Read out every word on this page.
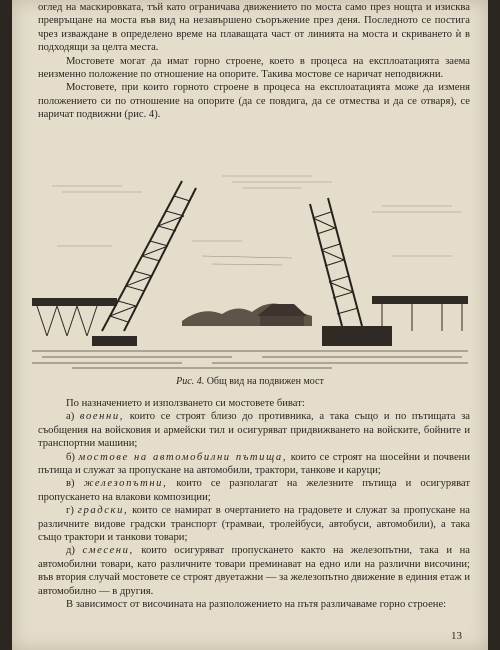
оглед на маскировката, тъй като ограничава движението по моста само през нощта и изисква превръщане на моста във вид на незавършено съоръжение през деня. Последното се постига чрез изваждане в определено време на плаващата част от линията на моста и скриването ѝ в подходящи за целта места.

Мостовете могат да имат горно строене, което в процеса на експлоатацията заема неизменно положение по отношение на опорите. Такива мостове се наричат неподвижни.

Мостовете, при които горното строене в процеса на експлоатацията може да изменя положението си по отношение на опорите (да се повдига, да се отмества и да се отваря), се наричат подвижни (рис. 4).

Рис. 4. Общ вид на подвижен мост

По назначението и използването си мостовете биват:

а) военни, които се строят близо до противника, а така също и по пътищата за съобщения на войсковия и армейски тил и осигуряват придвижването на войските, бойните и транспортни машини;

б) мостове на автомобилни пътища, които се строят на шосейни и почвени пътища и служат за пропускане на автомобили, трактори, танкове и каруци;

в) железопътни, които се разполагат на железните пътища и осигуряват пропускането на влакови композиции;

г) градски, които се намират в очертанието на градовете и служат за пропускане на различните видове градски транспорт (трамваи, тролейбуси, автобуси, автомобили), а така също трактори и танкови товари;

д) смесени, които осигуряват пропускането както на железопътни, така и на автомобилни товари, като различните товари преминават на едно или на различни височини; във втория случай мостовете се строят двуетажни — за железопътно движение в единия етаж и автомобилно — в другия.

В зависимост от височината на разположението на пътя различаваме горно строене:

13
